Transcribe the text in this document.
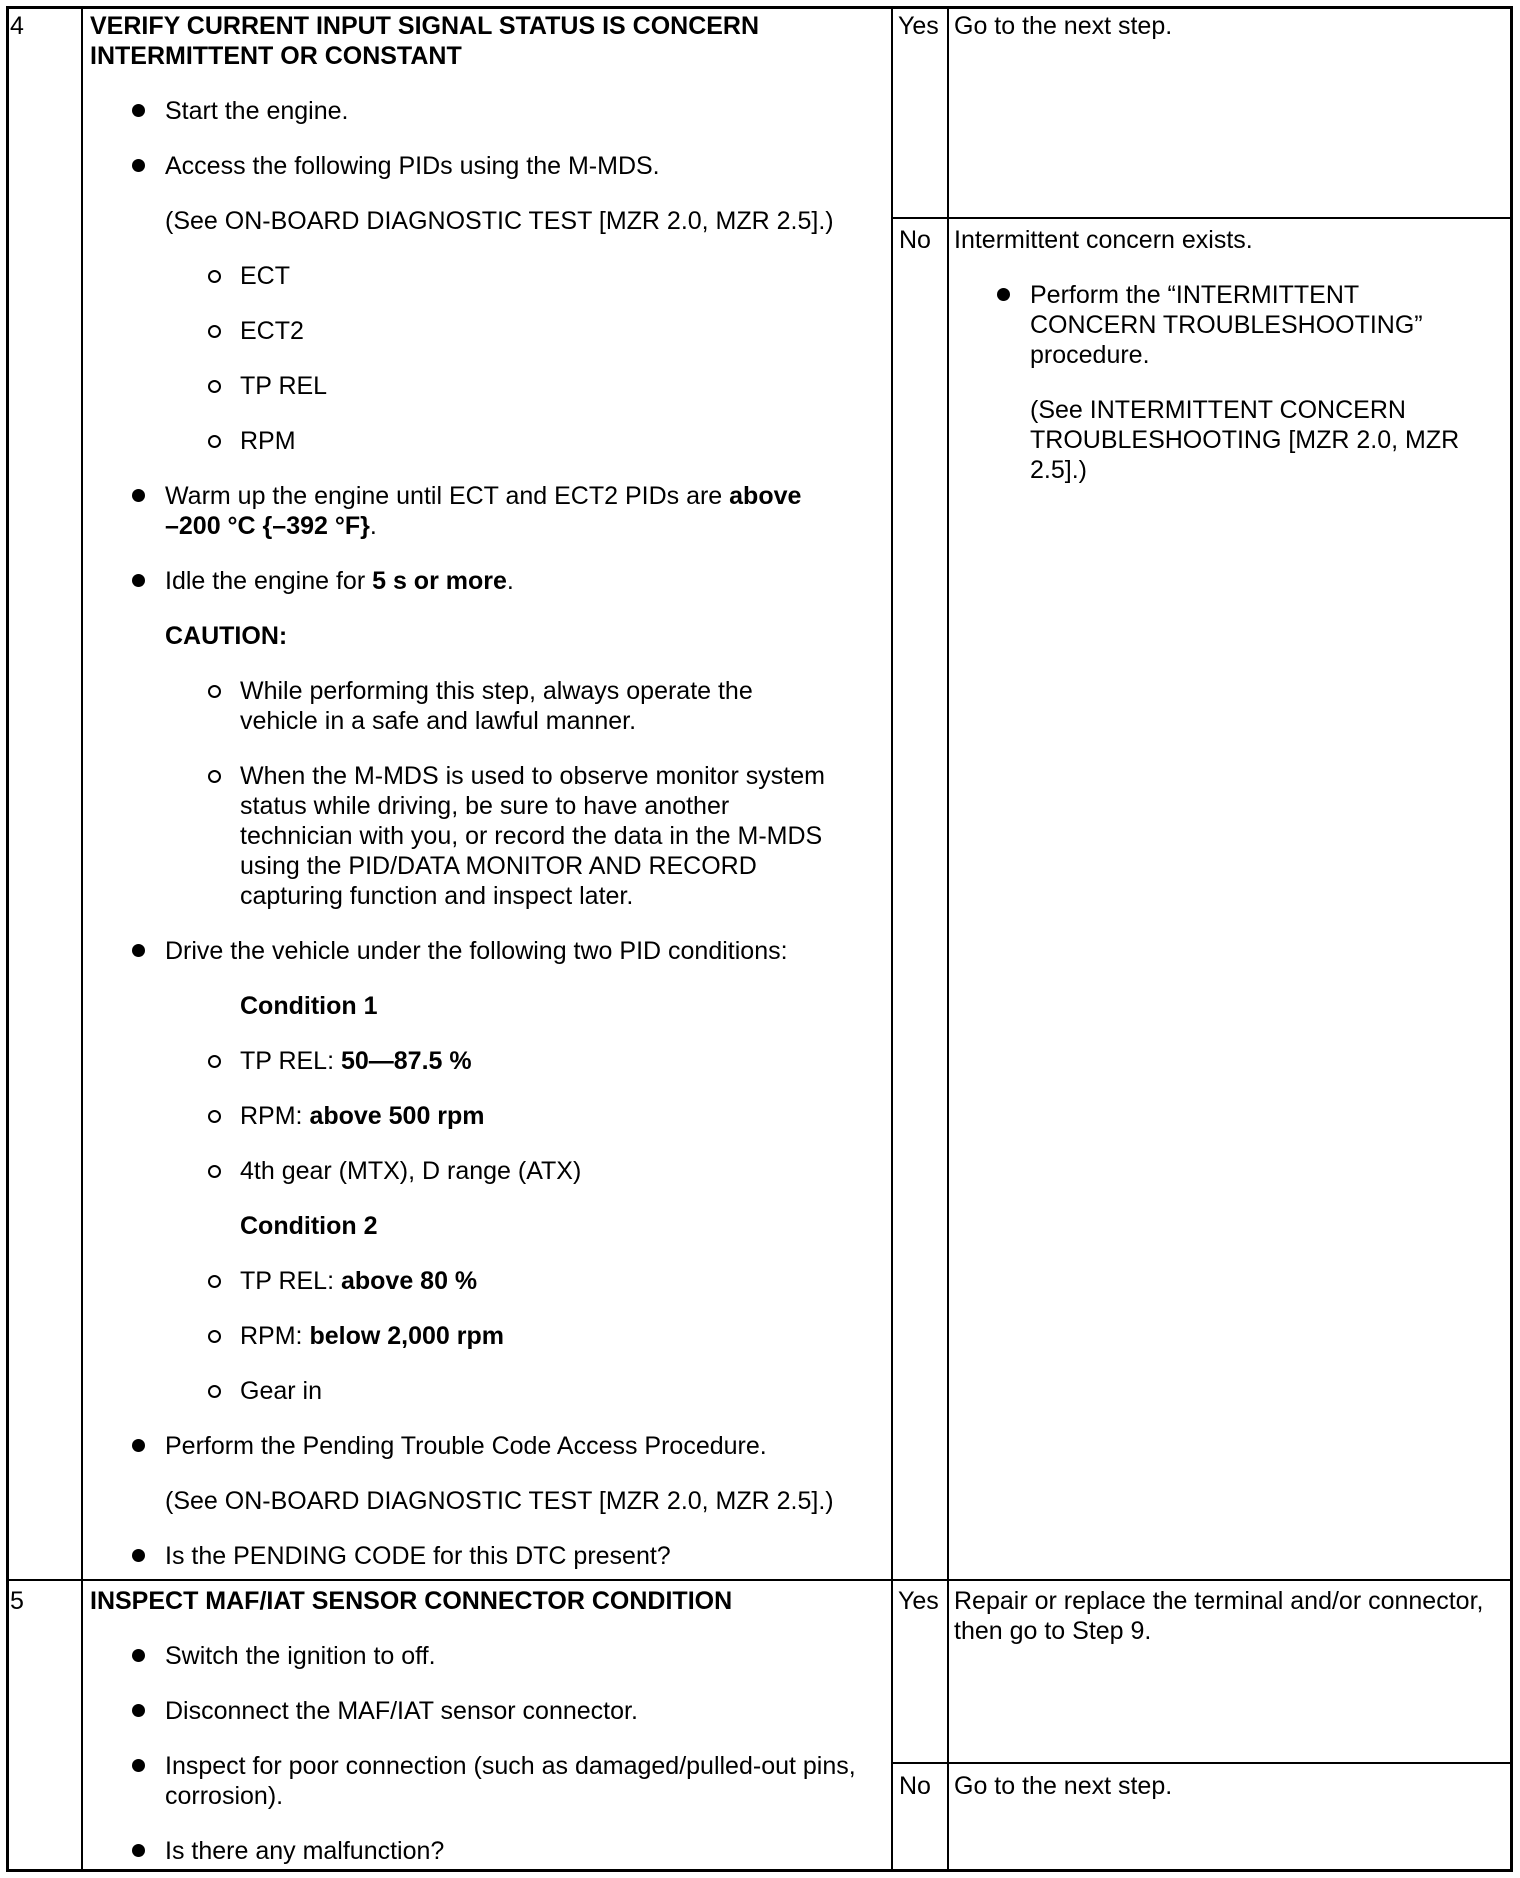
4	VERIFY CURRENT INPUT SIGNAL STATUS IS CONCERN
INTERMITTENT OR CONSTANT
Start the engine.
Access the following PIDs using the M-MDS.
(See ON-BOARD DIAGNOSTIC TEST [MZR 2.0, MZR 2.5].)
ECT
ECT2
TP REL
RPM
Warm up the engine until ECT and ECT2 PIDs are above
–200 °C {–392 °F}.
Idle the engine for 5 s or more.
CAUTION:
While performing this step, always operate the
vehicle in a safe and lawful manner.
When the M-MDS is used to observe monitor system
status while driving, be sure to have another
technician with you, or record the data in the M-MDS
using the PID/DATA MONITOR AND RECORD
capturing function and inspect later.
Drive the vehicle under the following two PID conditions:
Condition 1
TP REL: 50—87.5 %
RPM: above 500 rpm
4th gear (MTX), D range (ATX)
Condition 2
TP REL: above 80 %
RPM: below 2,000 rpm
Gear in
Perform the Pending Trouble Code Access Procedure.
(See ON-BOARD DIAGNOSTIC TEST [MZR 2.0, MZR 2.5].)
Is the PENDING CODE for this DTC present?
Yes Go to the next step.
No Intermittent concern exists.
Perform the “INTERMITTENT
CONCERN TROUBLESHOOTING”
procedure.
(See INTERMITTENT CONCERN
TROUBLESHOOTING [MZR 2.0, MZR
2.5].)
5	INSPECT MAF/IAT SENSOR CONNECTOR CONDITION
Switch the ignition to off.
Disconnect the MAF/IAT sensor connector.
Inspect for poor connection (such as damaged/pulled-out pins,
corrosion).
Is there any malfunction?
Yes Repair or replace the terminal and/or connector,
then go to Step 9.
No Go to the next step.
